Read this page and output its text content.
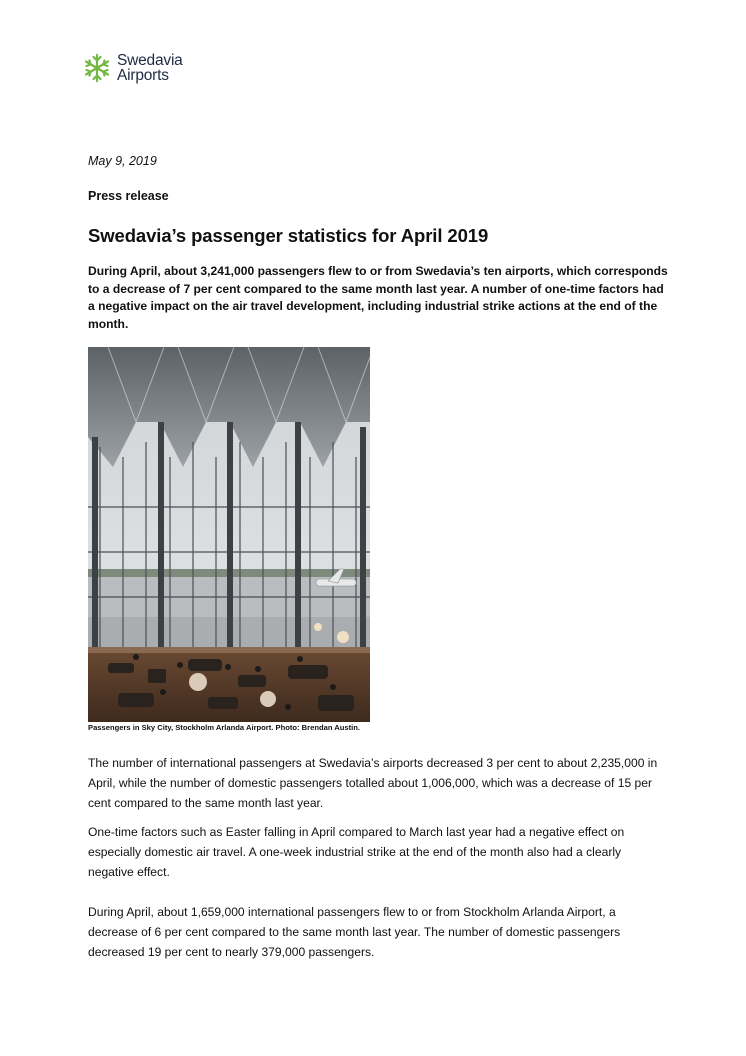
Swedavia
Airports
May 9, 2019
Press release
Swedavia’s passenger statistics for April 2019

During April, about 3,241,000 passengers flew to or from Swedavia’s ten airports, which corresponds to a decrease of 7 per cent compared to the same month last year. A number of one-time factors had a negative impact on the air travel development, including industrial strike actions at the end of the month.

Passengers in Sky City, Stockholm Arlanda Airport. Photo: Brendan Austin.

The number of international passengers at Swedavia’s airports decreased 3 per cent to about 2,235,000 in April, while the number of domestic passengers totalled about 1,006,000, which was a decrease of 15 per cent compared to the same month last year.

One-time factors such as Easter falling in April compared to March last year had a negative effect on especially domestic air travel. A one-week industrial strike at the end of the month also had a clearly negative effect.

During April, about 1,659,000 international passengers flew to or from Stockholm Arlanda Airport, a decrease of 6 per cent compared to the same month last year. The number of domestic passengers decreased 19 per cent to nearly 379,000 passengers.
